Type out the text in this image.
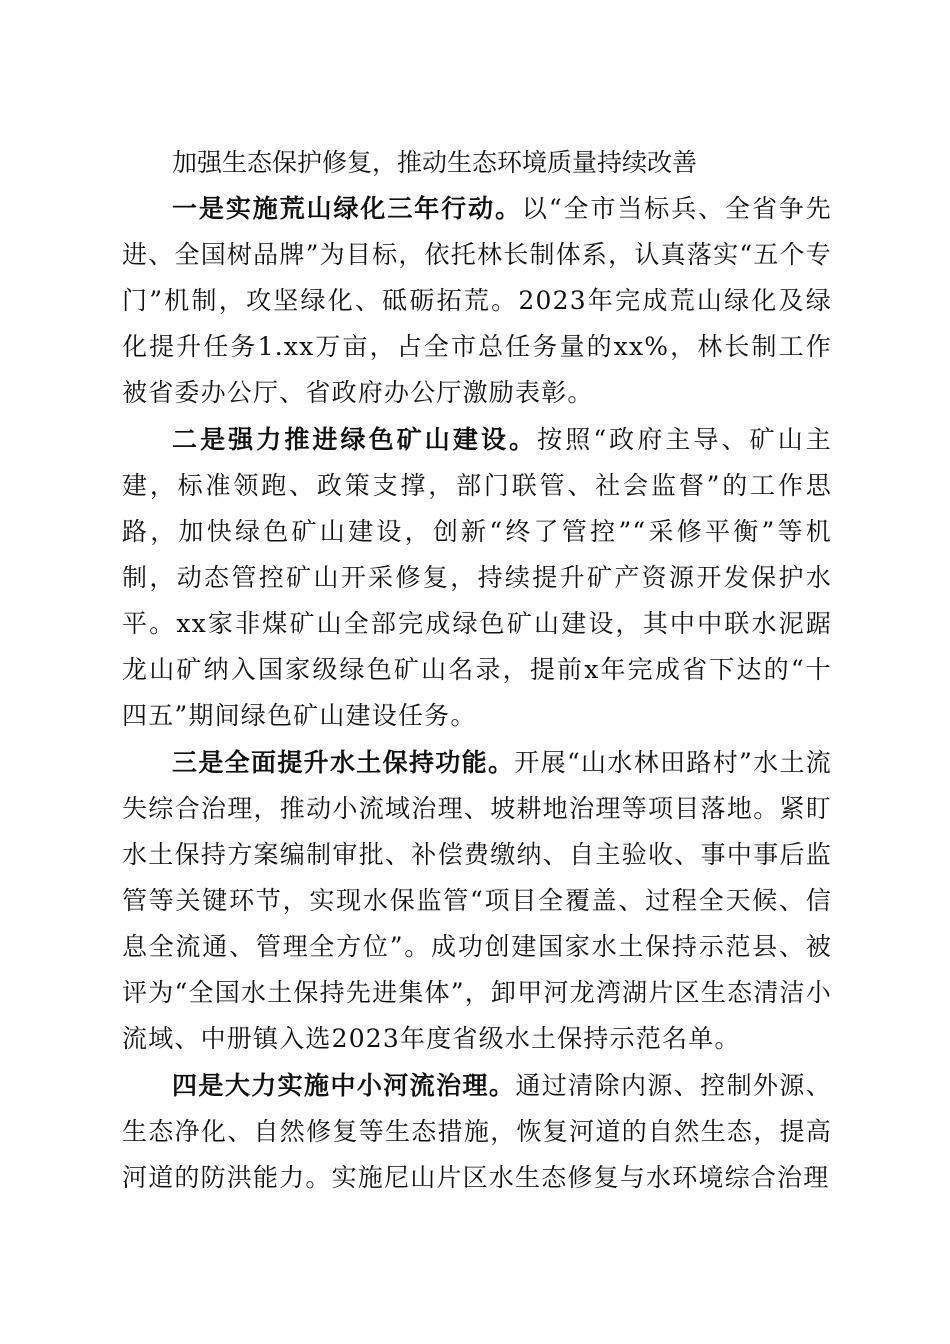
加强生态保护修复，推动生态环境质量持续改善

一是实施荒山绿化三年行动。以“全市当标兵、全省争先进、全国树品牌”为目标，依托林长制体系，认真落实“五个专门”机制，攻坚绿化、砥砺拓荒。2023年完成荒山绿化及绿化提升任务1.xx万亩，占全市总任务量的xx%，林长制工作被省委办公厅、省政府办公厅激励表彰。

二是强力推进绿色矿山建设。按照“政府主导、矿山主建，标准领跑、政策支撑，部门联管、社会监督”的工作思路，加快绿色矿山建设，创新“终了管控”“采修平衡”等机制，动态管控矿山开采修复，持续提升矿产资源开发保护水平。xx家非煤矿山全部完成绿色矿山建设，其中中联水泥踞龙山矿纳入国家级绿色矿山名录，提前x年完成省下达的“十四五”期间绿色矿山建设任务。

三是全面提升水土保持功能。开展“山水林田路村”水土流失综合治理，推动小流域治理、坡耕地治理等项目落地。紧盯水土保持方案编制审批、补偿费缴纳、自主验收、事中事后监管等关键环节，实现水保监管“项目全覆盖、过程全天候、信息全流通、管理全方位”。成功创建国家水土保持示范县、被评为“全国水土保持先进集体”，卸甲河龙湾湖片区生态清洁小流域、中册镇入选2023年度省级水土保持示范名单。

四是大力实施中小河流治理。通过清除内源、控制外源、生态净化、自然修复等生态措施，恢复河道的自然生态，提高河道的防洪能力。实施尼山片区水生态修复与水环境综合治理
